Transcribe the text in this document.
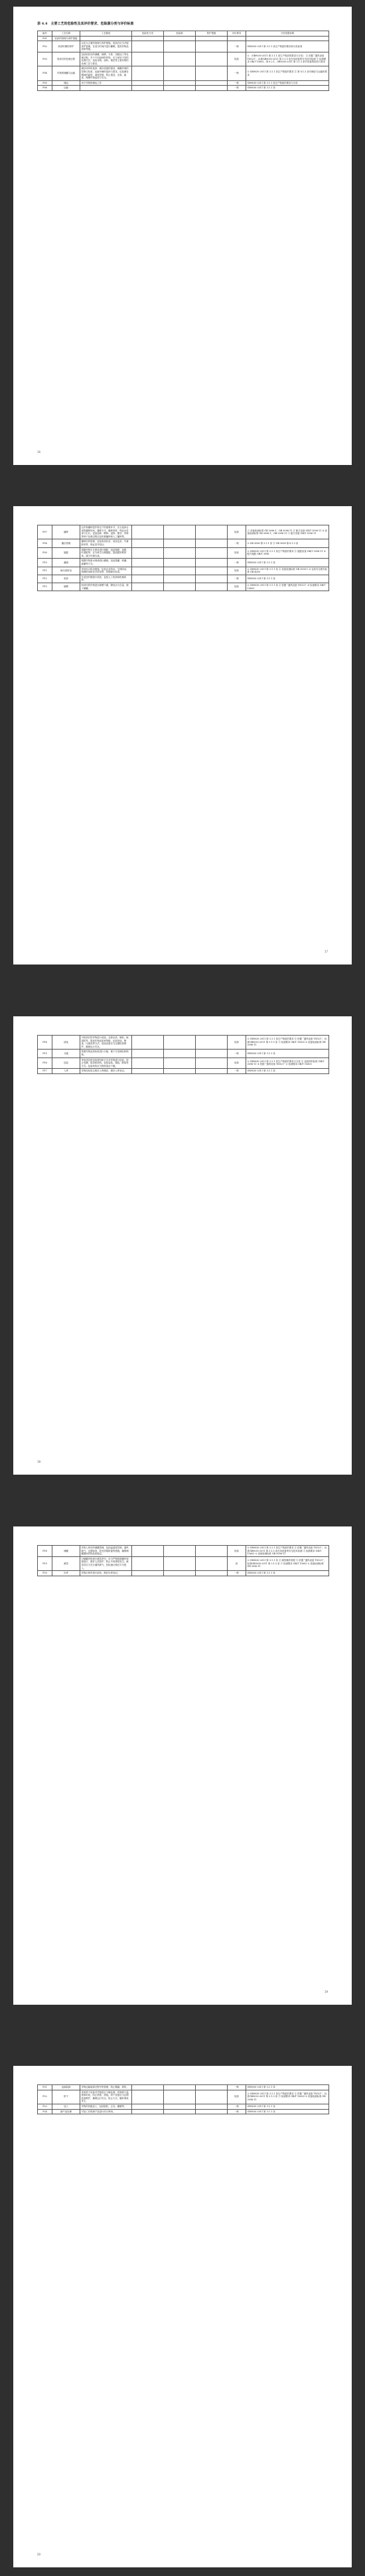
表 4.4　主要工艺的危险性及其评价要求、危险源分类与评价标准
编号	工艺名称	工艺描述	危险性分类	危险源	防护措施	评价要求	分类依据说明
P01	收获的管理与养护措施						
P02	收获时期的养护	以农为主要的管理与养护措施，收获后应当开展养护管理，在适当时间内进行翻晒，提高作物品质和等级。				一般	GB9030-2011 第 3.1.1 条生产物质的要求和分类标准
P03	收获后的处理过程	包括收获后的储藏、晾晒、分拣、初级加工等处理过程。对于不同品种的作物，应当采用不同的处理方法，包括谷物、油料、棉花等主要作物的处理工艺与要求。				较高	① 《GB9030-2011 第 3.1.1 条生产物质的要求与分类》 ② 依据 “通风设备 TSG21”，标准GB9030-2011 第 3.1.5 条在用设备的安全技术检测 ③ 检测要求 GB/T 15603、第 8.2.1、GB9030-2011 第 3.1.3 条对设备的检验与要求
P04	作物的储藏与运输	储存场所的选择、储存设施的建设、储藏环境的控制与检查、运输车辆的选择与要求。包括储存期间的温度、湿度控制，防止霉变、虫害、鼠害，保障作物品质与安全。				一般	① GB9030-2011 第 3.1.1 条生产物质的要求 ② 第 8.1.3 条对储存与运输的要求
P05	储运	用于作物的储运工作				一般	GB9030-2011 第 3.1.1 条生产物质的要求与分类
P06	运输					一般	GB9030-2011 第 3.1.1 条
16
P07	播种	农作物播种是作物生产的重要环节，应当选择合适的播种时间、播种方式、播种密度，保证出苗率与生长。包括选种、晒种、浸种、催芽、拌种等种子处理过程以及机械播种和人工播种等。				较高	① 设备检测标准 GB 3096-1，GB 3096-11 ② 配方设备 GB/T 3096-11 ③ 设备检测标准 GB 3096-1，GB 3096-11 ④ 配方设备 GB/T 3096-11
P08	播后管理	播种后的管理，包括查苗补苗、间苗定苗、中耕除草等，保证苗齐苗壮。				一般	① GB 3096 第 3.1.1 条 ② GB 3096 第 8.1.3 条
P09	施肥	根据作物生长需求进行施肥，包括基肥、追肥、叶面肥等。应当科学合理施肥，提高肥料利用率，减少环境污染。				较高	① GB9030-2011 第 3.1.1 条生产物质的要求 ② 施肥设备 GB/T 3096-11 ③ 配方施肥 GB/T 3096
P10	灌溉	根据作物需水规律进行灌溉，包括漫灌、喷灌、滴灌等方式。				一般	GB9030-2011 第 3.1.1 条
P11	病虫害防治	采用综合防治措施，包括农业防治、生物防治、物理防治和化学防治等，控制病虫危害。				较高	① GB9030-2011 第 3.1.1 条 ② 设备检测标准 GB 3096-1 ③ 农药安全使用标准 GB 4285
P12	收获	在适宜时期进行收获，包括人工收获和机械收获。				一般	GB9030-2011 第 3.1.1 条
P13	晾晒	收获后的作物进行晾晒干燥，降低水分含量，便于储藏。				较高	① GB9030-2011 第 3.1.1 条 ② 依据 “通风设备 TSG21” ③ 检测要求 GB/T 15603
17
P14	清选	对收获后的作物进行清选，去除杂质、瘪粒、破损粒等，提高作物品质和等级。包括风选、筛选、比重选等方法。清选设备应当定期检查维护，确保运行安全。				较高	① GB9030-2011 第 3.1.1 条生产物质的要求 ② 依据 “通风设备 TSG21”，标准GB9030-2011 第 3.1.5 条 ③ 检测要求 GB/T 15603 ④ 设备检测标准 GB 3096-11
P15	分级	按照作物品质标准进行分级，便于分类储存和销售。				一般	GB9030-2011 第 3.1.1 条
P16	包装	采用适宜的包装材料和方式对作物进行包装，防止受潮、霉变和损伤。包括袋装、箱装、散装等方式。包装场所应当保持清洁干燥。				较高	① GB9030-2011 第 3.1.1 条生产物质的要求与分类 ② 包装材料标准 GB/T 3096-11 ③ 依据 “通风设备 TSG21” ④ 检测要求 GB/T 15603
P17	入库	作物经检验合格后入库储存，做好入库登记。				一般	GB9030-2011 第 3.1.1 条
18
P18	储藏	作物入库后的储藏管理，包括温湿度控制、通风换气、定期检查、防虫防霉防鼠等措施，确保储藏期间作物品质稳定。				较高	① GB9030-2011 第 3.1.1 条生产物质的要求 ② 依据 “通风设备 TSG21”，标准GB9030-2011 第 3.1.5 条在用设备的安全技术检测 ③ 检测要求 GB/T 15603 ④ 设备检测标准 GB 3096-11
P19	熏蒸	对储藏作物进行熏蒸杀虫，应当严格按照操作规程进行，做好人员防护，防止中毒事故发生。熏蒸后应当充分通风散气，经检测合格后方可进入。				高	① GB9030-2011 第 3.1.1 条 ② 熏蒸操作规程 ③ 依据 “通风设备 TSG21”，标准GB9030-2011 第 3.1.5 条 ④ 检测要求 GB/T 15603 ⑤ 设备检测标准 GB 3096-11
P20	出库	作物出库时进行检验，做好出库登记。				一般	GB9030-2011 第 3.1.1 条
19
P21	运输装卸	作物运输装卸过程中的管理，防止撒漏、损伤。				一般	GB9030-2011 第 3.1.1 条
P22	烘干	采用烘干设备对作物进行干燥处理，控制烘干温度和时间，防止烘焦、烘裂。烘干设备应当定期检查维护，确保运行安全，防止火灾、爆炸事故发生。				较高	① GB9030-2011 第 3.1.1 条生产物质的要求 ② 依据 “通风设备 TSG21”，标准GB9030-2011 第 3.1.5 条 ③ 检测要求 GB/T 15603 ④ 设备检测标准 GB 3096-11
P23	加工	作物的初级加工，包括脱粒、去壳、碾磨等。				一般	GB9030-2011 第 3.1.1 条
P24	副产品处理	对加工后的副产品进行综合利用。				一般	GB9030-2011 第 3.1.1 条
20
